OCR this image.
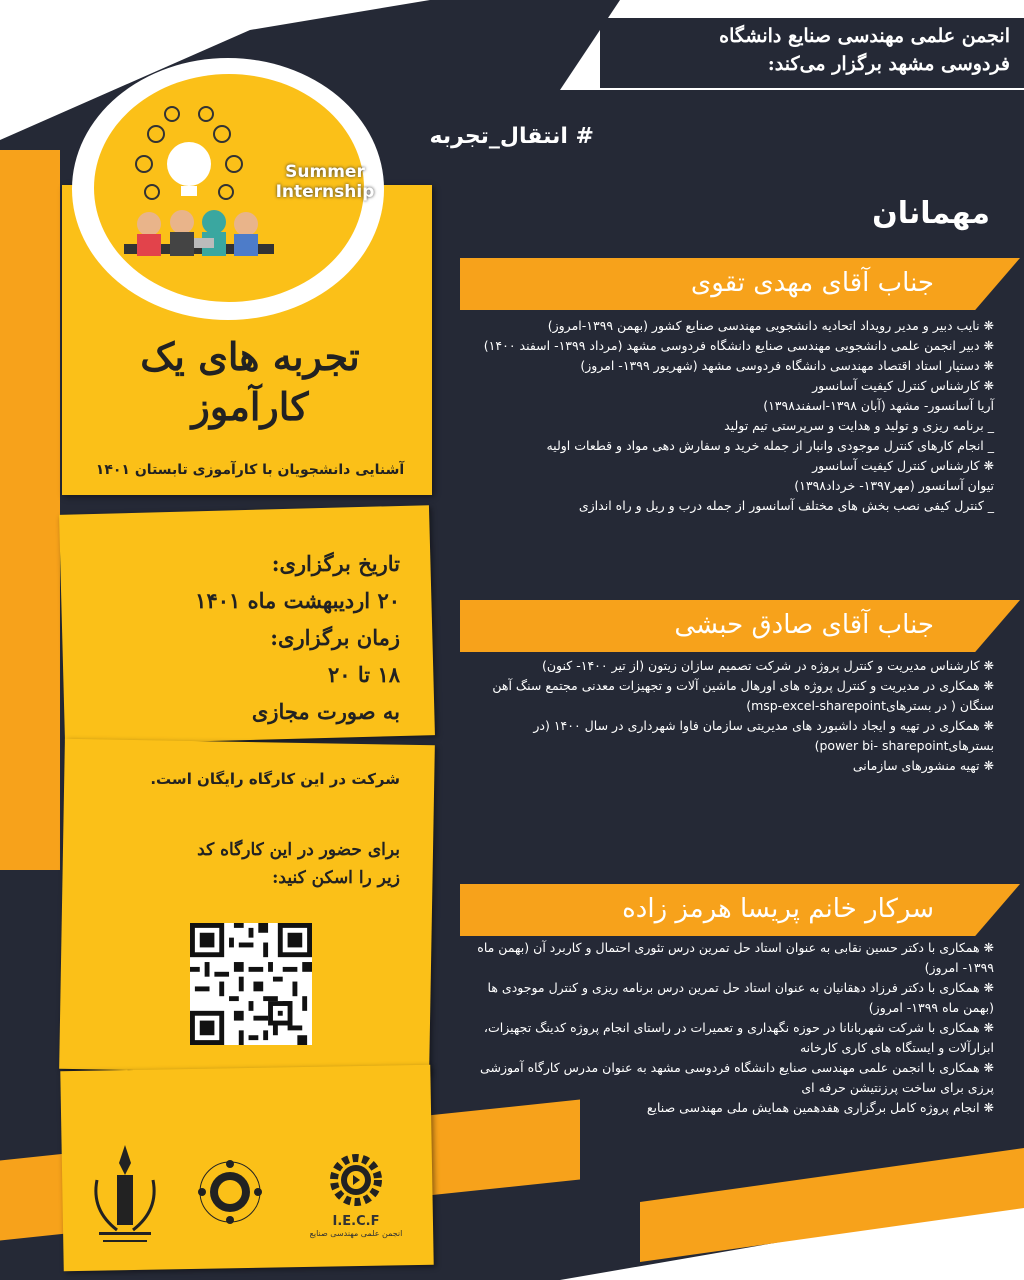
انجمن علمی مهندسی صنایع دانشگاه
فردوسی مشهد برگزار می‌کند:
# انتقال_تجربه
مهمانان
جناب آقای مهدی تقوی
❋ نایب دبیر و مدیر رویداد اتحادیه دانشجویی مهندسی صنایع کشور (بهمن ۱۳۹۹-امروز)
❋ دبیر انجمن علمی دانشجویی مهندسی صنایع دانشگاه فردوسی مشهد (مرداد ۱۳۹۹- اسفند ۱۴۰۰)
❋ دستیار استاد اقتصاد مهندسی دانشگاه فردوسی مشهد (شهریور ۱۳۹۹- امروز)
❋ کارشناس کنترل کیفیت آسانسور
آریا آسانسور- مشهد (آبان ۱۳۹۸-اسفند۱۳۹۸)
_ برنامه ریزی و تولید و هدایت و سرپرستی تیم تولید
_ انجام کارهای کنترل موجودی وانبار از جمله خرید و سفارش دهی مواد و قطعات اولیه
❋ کارشناس کنترل کیفیت آسانسور
تیوان آسانسور (مهر۱۳۹۷- خرداد۱۳۹۸)
_ کنترل کیفی نصب بخش های مختلف آسانسور از جمله درب و ریل و راه اندازی
جناب آقای صادق حبشی
❋ کارشناس مدیریت و کنترل پروژه در شرکت تصمیم سازان زیتون (از تیر ۱۴۰۰- کنون)
❋ همکاری در مدیریت و کنترل پروژه های اورهال ماشین آلات و تجهیزات معدنی مجتمع سنگ آهن سنگان ( در بسترهایmsp-excel-sharepoint)
❋ همکاری در تهیه و ایجاد داشبورد های مدیریتی سازمان فاوا شهرداری در سال ۱۴۰۰ (در بسترهایpower bi- sharepoint)
❋ تهیه منشورهای سازمانی
سرکار خانم پریسا هرمز زاده
❋ همکاری با دکتر حسین نقابی به عنوان استاد حل تمرین درس تئوری احتمال و کاربرد آن (بهمن ماه ۱۳۹۹- امروز)
❋ همکاری با دکتر فرزاد دهقانیان به عنوان استاد حل تمرین درس برنامه ریزی و کنترل موجودی ها (بهمن ماه ۱۳۹۹- امروز)
❋ همکاری با شرکت شهربانانا در حوزه نگهداری و تعمیرات در راستای انجام پروژه کدینگ تجهیزات، ابزارآلات و ایستگاه های کاری کارخانه
❋ همکاری با انجمن علمی مهندسی صنایع دانشگاه فردوسی مشهد به عنوان مدرس کارگاه آموزشی پرزی برای ساخت پرزنتیشن حرفه ای
❋ انجام پروژه کامل برگزاری هفدهمین همایش ملی مهندسی صنایع
Summer
Internship
تجربه های یک
کارآموز
آشنایی دانشجویان با کارآموزی تابستان ۱۴۰۱
تاریخ برگزاری:
۲۰ اردیبهشت ماه ۱۴۰۱
زمان برگزاری:
۱۸ تا ۲۰
به صورت مجازی
شرکت در این کارگاه رایگان است.
برای حضور در این کارگاه کد
زیر را اسکن کنید:
I.E.C.F
انجمن علمی مهندسی صنایع
